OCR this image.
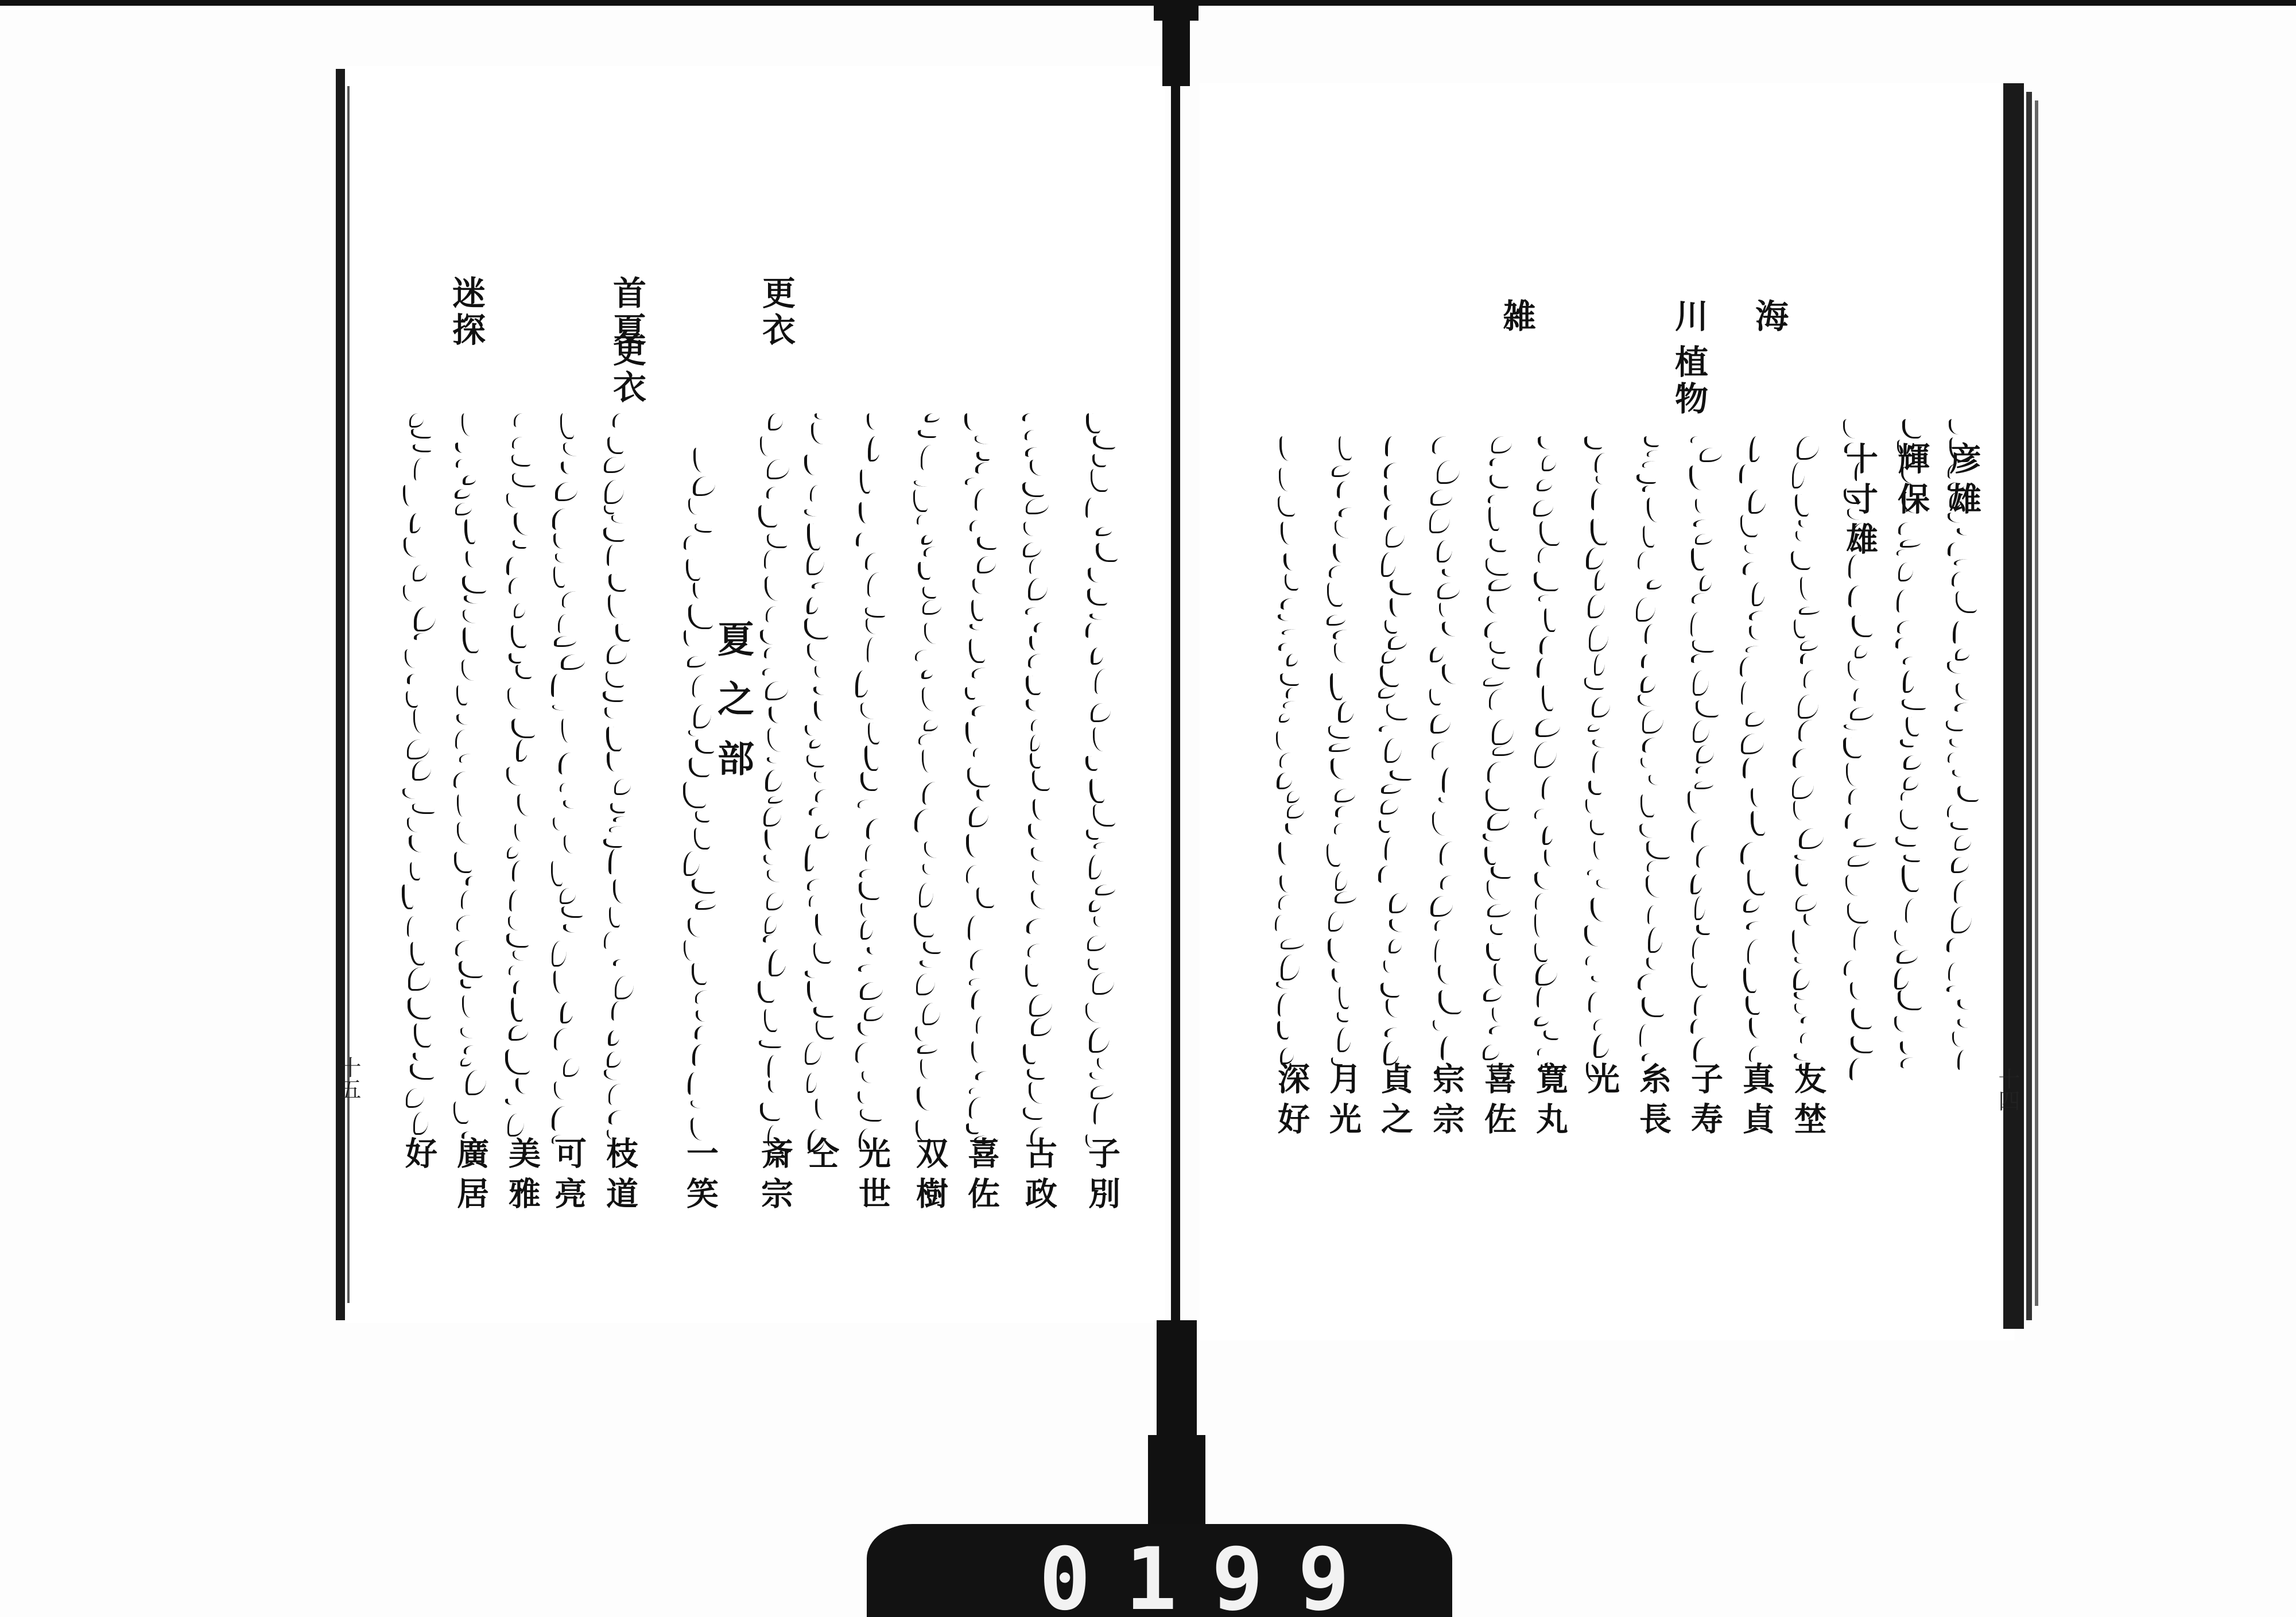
0199
更衣
首夏
更衣
迷探
夏之部
子別
古政
喜佐
双樹
光世
仝
斎宗
一笑
枝道
可亮
美雅
廣居
好
海
川
植物
雑
彦雄
輝保
十寸雄
友埜
真貞
子寿
糸長
光
寛丸
喜佐
宗宗
貞之
月光
深好
十五	十四
